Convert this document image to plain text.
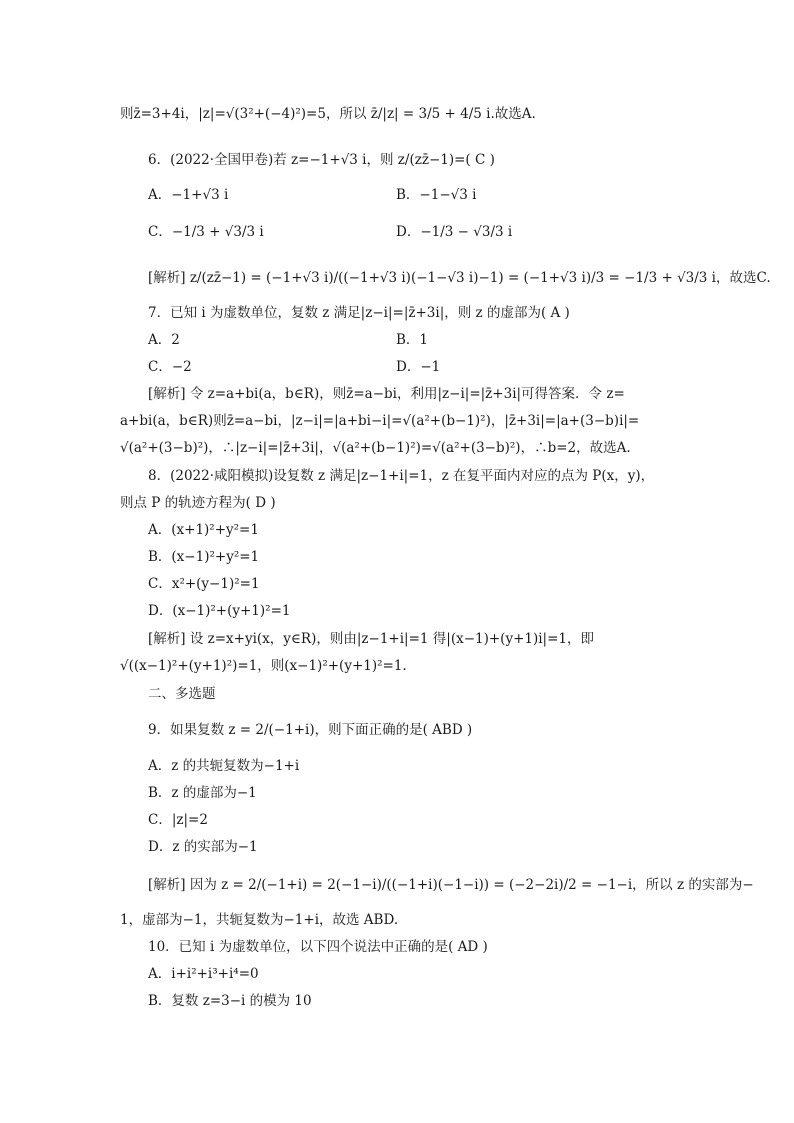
则z̄=3+4i，|z|=√(3²+(−4)²)=5，所以 z̄/|z| = 3/5 + 4/5 i.故选A.
6．(2022·全国甲卷)若 z=−1+√3 i，则 z/(zz̄−1)=( C )
A．−1+√3 i	B．−1−√3 i
C．−1/3 + √3/3 i	D．−1/3 − √3/3 i
[解析] z/(zz̄−1) = (−1+√3 i)/((−1+√3 i)(−1−√3 i)−1) = (−1+√3 i)/3 = −1/3 + √3/3 i，故选C.
7．已知 i 为虚数单位，复数 z 满足|z−i|=|z̄+3i|，则 z 的虚部为( A )
A．2	B．1
C．−2	D．−1
[解析] 令 z=a+bi(a，b∈R)，则z̄=a−bi，利用|z−i|=|z̄+3i|可得答案．令 z=
a+bi(a，b∈R)则z̄=a−bi，|z−i|=|a+bi−i|=√(a²+(b−1)²)，|z̄+3i|=|a+(3−b)i|=
√(a²+(3−b)²)，∴|z−i|=|z̄+3i|，√(a²+(b−1)²)=√(a²+(3−b)²)，∴b=2，故选A.
8．(2022·咸阳模拟)设复数 z 满足|z−1+i|=1，z 在复平面内对应的点为 P(x，y)，
则点 P 的轨迹方程为( D )
A．(x+1)²+y²=1
B．(x−1)²+y²=1
C．x²+(y−1)²=1
D．(x−1)²+(y+1)²=1
[解析] 设 z=x+yi(x，y∈R)，则由|z−1+i|=1 得|(x−1)+(y+1)i|=1，即
√((x−1)²+(y+1)²)=1，则(x−1)²+(y+1)²=1.
二、多选题
9．如果复数 z = 2/(−1+i)，则下面正确的是( ABD )
A．z 的共轭复数为−1+i
B．z 的虚部为−1
C．|z|=2
D．z 的实部为−1
[解析] 因为 z = 2/(−1+i) = 2(−1−i)/((−1+i)(−1−i)) = (−2−2i)/2 = −1−i，所以 z 的实部为−
1，虚部为−1，共轭复数为−1+i，故选 ABD.
10．已知 i 为虚数单位，以下四个说法中正确的是( AD )
A．i+i²+i³+i⁴=0
B．复数 z=3−i 的模为 10
